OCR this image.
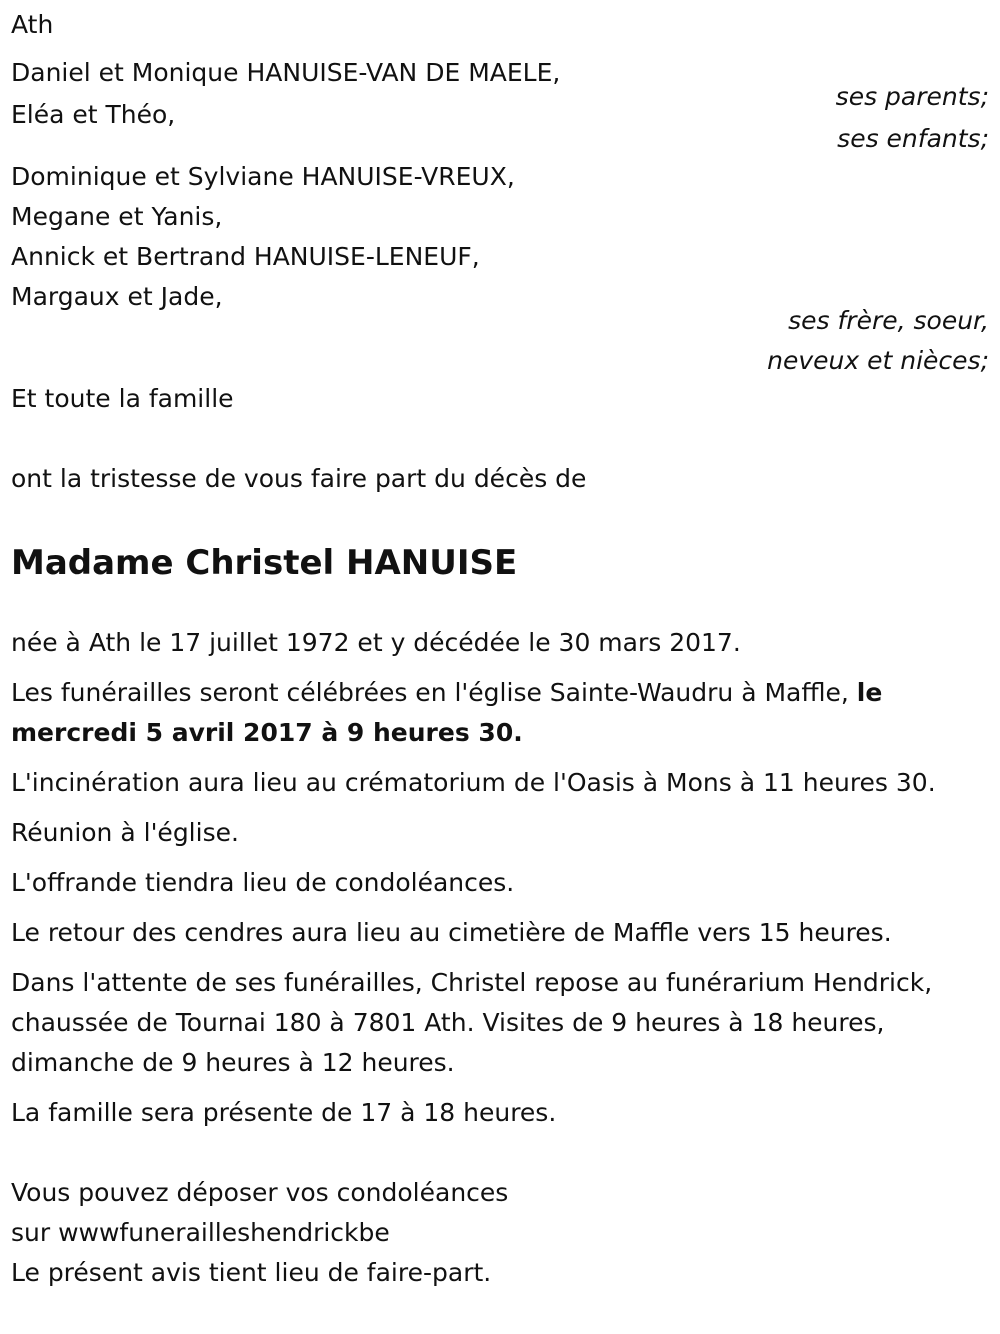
Ath
Daniel et Monique HANUISE-VAN DE MAELE,
ses parents;
Eléa et Théo,
ses enfants;
Dominique et Sylviane HANUISE-VREUX,
Megane et Yanis,
Annick et Bertrand HANUISE-LENEUF,
Margaux et Jade,
ses frère, soeur,
neveux et nièces;
Et toute la famille
ont la tristesse de vous faire part du décès de
Madame Christel HANUISE

née à Ath le 17 juillet 1972 et y décédée le 30 mars 2017.

Les funérailles seront célébrées en l'église Sainte-Waudru à Maffle, le mercredi 5 avril 2017 à 9 heures 30.

L'incinération aura lieu au crématorium de l'Oasis à Mons à 11 heures 30.

Réunion à l'église.

L'offrande tiendra lieu de condoléances.

Le retour des cendres aura lieu au cimetière de Maffle vers 15 heures.

Dans l'attente de ses funérailles, Christel repose au funérarium Hendrick, chaussée de Tournai 180 à 7801 Ath. Visites de 9 heures à 18 heures, dimanche de 9 heures à 12 heures.

La famille sera présente de 17 à 18 heures.

Vous pouvez déposer vos condoléances
sur wwwfunerailleshendrickbe
Le présent avis tient lieu de faire-part.
